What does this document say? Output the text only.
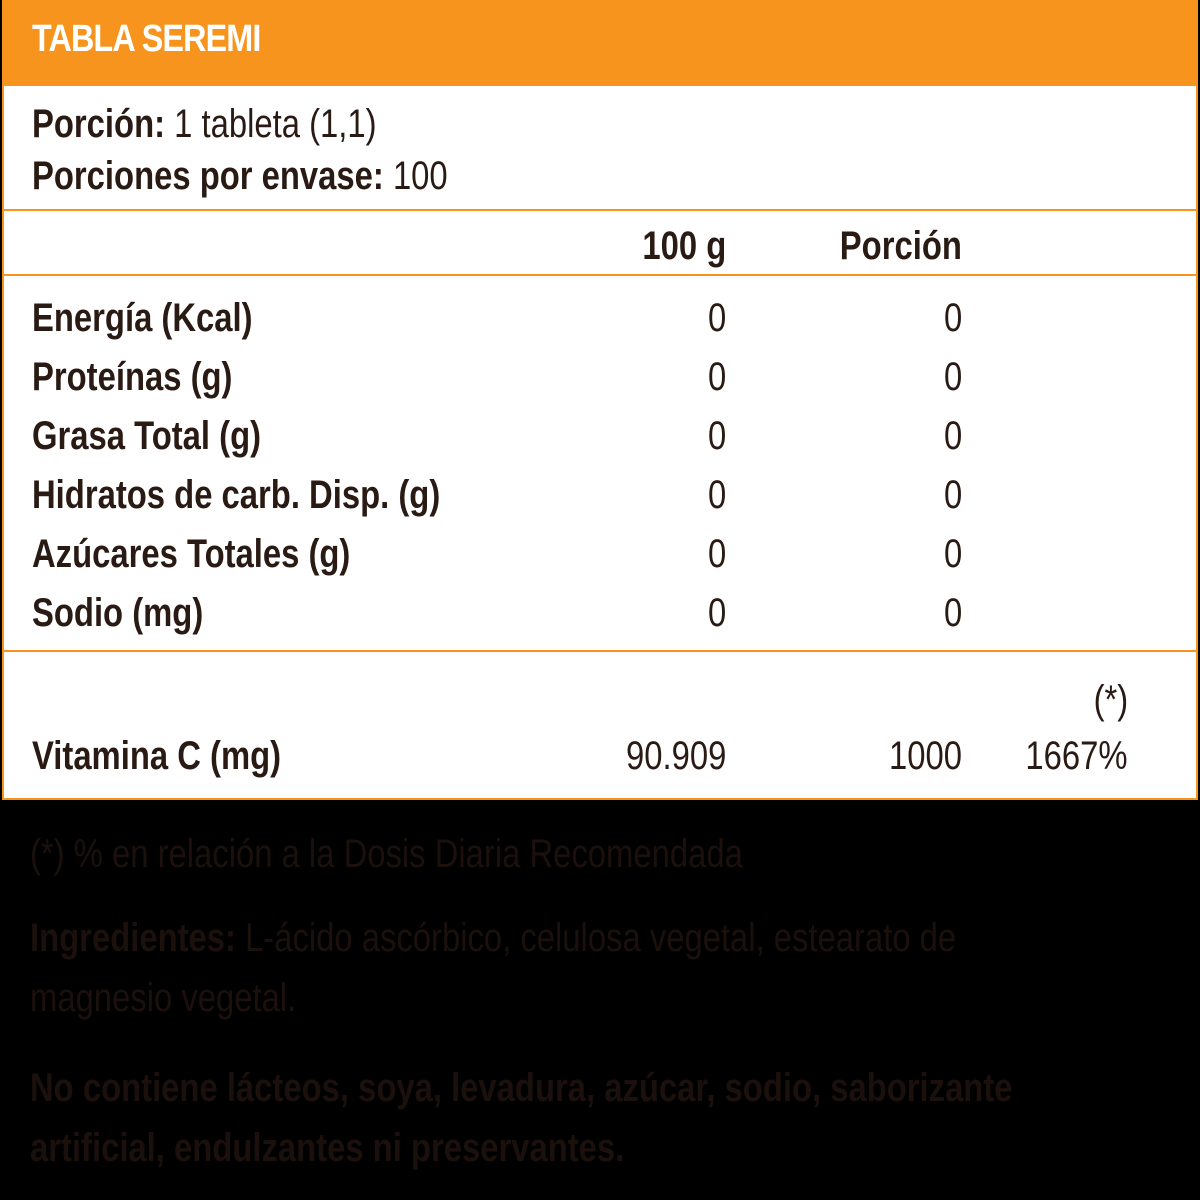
TABLA SEREMI
Porción: 1 tableta (1,1)
Porciones por envase: 100
100 g	Porción
Energía (Kcal)	0	0
Proteínas (g)	0	0
Grasa Total (g)	0	0
Hidratos de carb. Disp. (g)	0	0
Azúcares Totales (g)	0	0
Sodio (mg)	0	0
(*)
Vitamina C (mg)	90.909	1000 1667%
(*) % en relación a la Dosis Diaria Recomendada
Ingredientes: L-ácido ascórbico, celulosa vegetal, estearato de
magnesio vegetal.
No contiene lácteos, soya, levadura, azúcar, sodio, saborizante
artificial, endulzantes ni preservantes.
